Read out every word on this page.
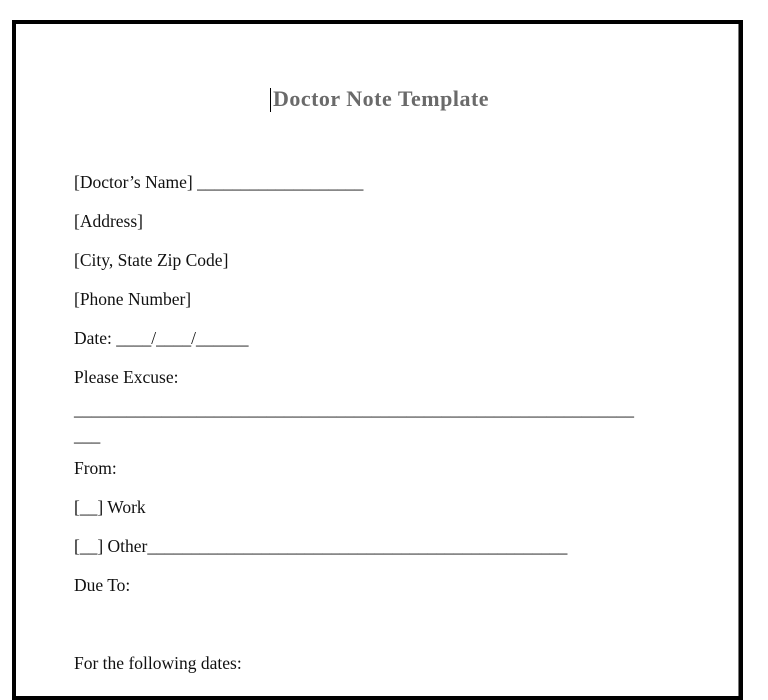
Doctor Note Template
[Doctor’s Name] ___________________
[Address]
[City, State Zip Code]
[Phone Number]
Date: ____/____/______
Please Excuse:
________________________________________________________________
___
From:
[__] Work
[__] Other________________________________________________
Due To:
For the following dates:
